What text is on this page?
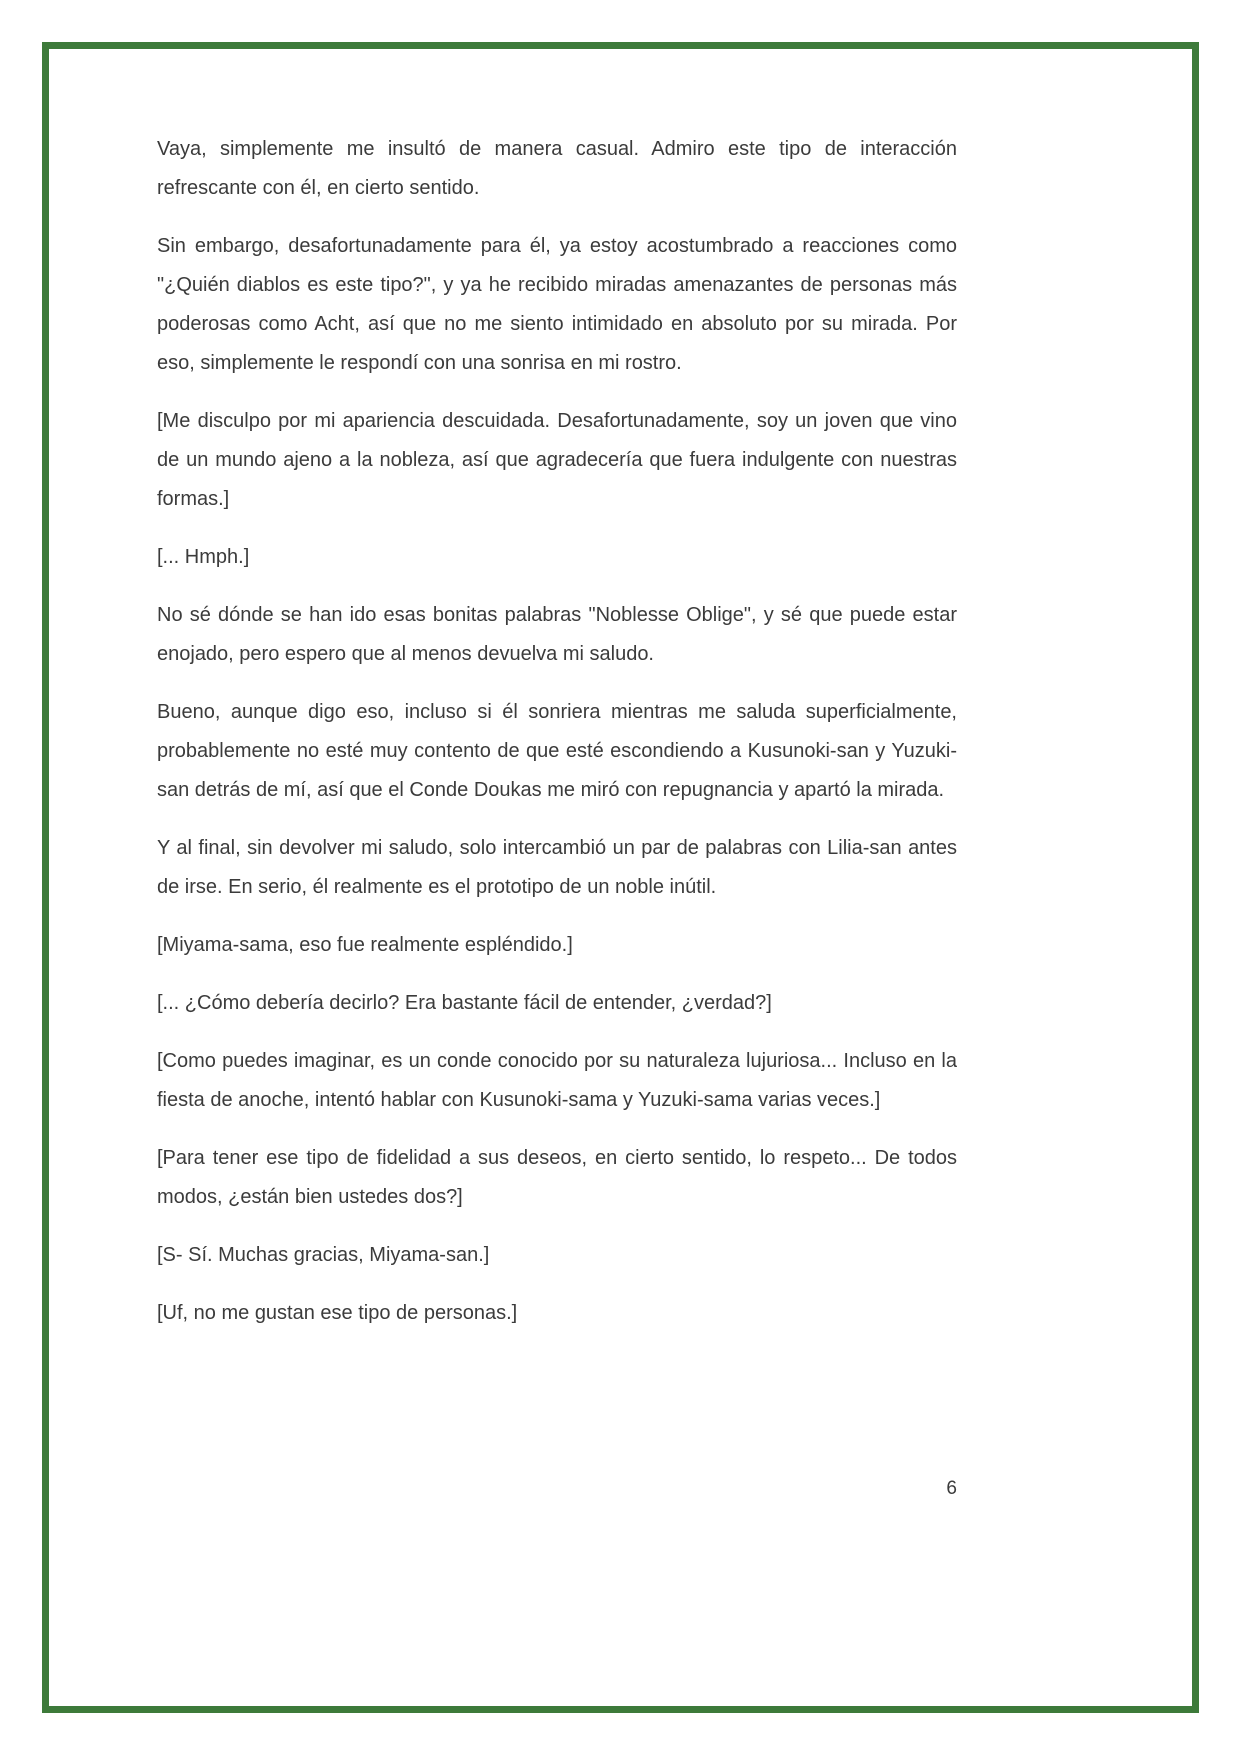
Vaya, simplemente me insultó de manera casual. Admiro este tipo de interacción refrescante con él, en cierto sentido.

Sin embargo, desafortunadamente para él, ya estoy acostumbrado a reacciones como "¿Quién diablos es este tipo?", y ya he recibido miradas amenazantes de personas más poderosas como Acht, así que no me siento intimidado en absoluto por su mirada. Por eso, simplemente le respondí con una sonrisa en mi rostro.

[Me disculpo por mi apariencia descuidada. Desafortunadamente, soy un joven que vino de un mundo ajeno a la nobleza, así que agradecería que fuera indulgente con nuestras formas.]

[... Hmph.]

No sé dónde se han ido esas bonitas palabras "Noblesse Oblige", y sé que puede estar enojado, pero espero que al menos devuelva mi saludo.

Bueno, aunque digo eso, incluso si él sonriera mientras me saluda superficialmente, probablemente no esté muy contento de que esté escondiendo a Kusunoki-san y Yuzuki-san detrás de mí, así que el Conde Doukas me miró con repugnancia y apartó la mirada.

Y al final, sin devolver mi saludo, solo intercambió un par de palabras con Lilia-san antes de irse. En serio, él realmente es el prototipo de un noble inútil.

[Miyama-sama, eso fue realmente espléndido.]

[... ¿Cómo debería decirlo? Era bastante fácil de entender, ¿verdad?]

[Como puedes imaginar, es un conde conocido por su naturaleza lujuriosa... Incluso en la fiesta de anoche, intentó hablar con Kusunoki-sama y Yuzuki-sama varias veces.]

[Para tener ese tipo de fidelidad a sus deseos, en cierto sentido, lo respeto... De todos modos, ¿están bien ustedes dos?]

[S- Sí. Muchas gracias, Miyama-san.]

[Uf, no me gustan ese tipo de personas.]

6
